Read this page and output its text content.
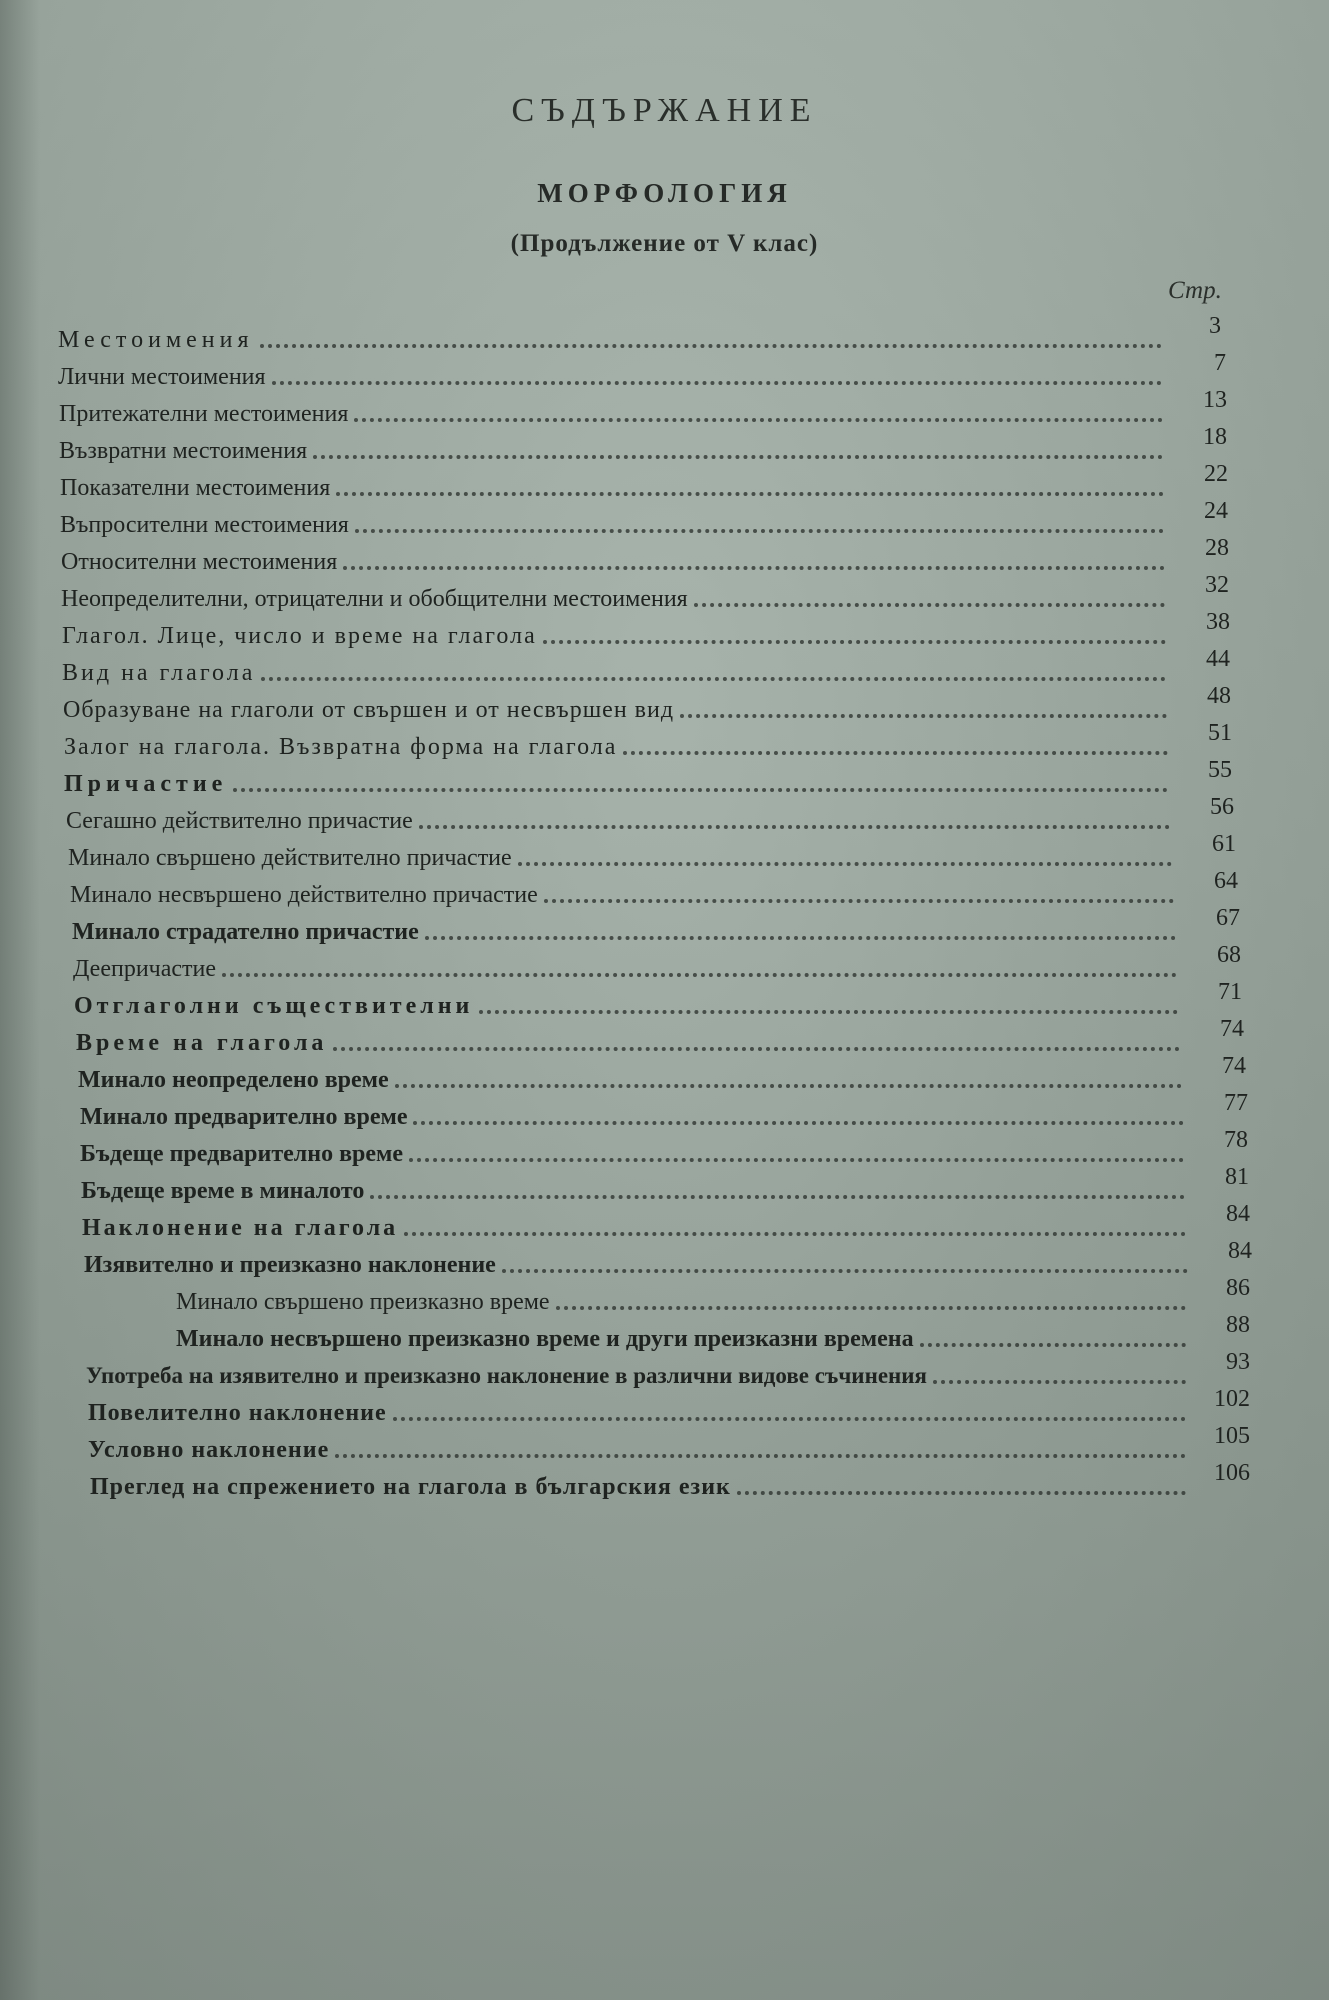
СЪДЪРЖАНИЕ
МОРФОЛОГИЯ
(Продължение от V клас)
Стр.
Местоимения
3
Лични местоимения
7
Притежателни местоимения
13
Възвратни местоимения
18
Показателни местоимения
22
Въпросителни местоимения
24
Относителни местоимения
28
Неопределителни, отрицателни и обобщителни местоимения
32
Глагол. Лице, число и време на глагола
38
Вид на глагола
44
Образуване на глаголи от свършен и от несвършен вид
48
Залог на глагола. Възвратна форма на глагола
51
Причастие
55
Сегашно действително причастие
56
Минало свършено действително причастие
61
Минало несвършено действително причастие
64
Минало страдателно причастие
67
Деепричастие
68
Отглаголни съществителни
71
Време на глагола
74
Минало неопределено време
74
Минало предварително време
77
Бъдеще предварително време
78
Бъдеще време в миналото
81
Наклонение на глагола
84
Изявително и преизказно наклонение
84
Минало свършено преизказно време
86
Минало несвършено преизказно време и други преизказни времена
88
Употреба на изявително и преизказно наклонение в различни видове съчинения
93
Повелително наклонение
102
Условно наклонение
105
Преглед на спрежението на глагола в българския език
106
